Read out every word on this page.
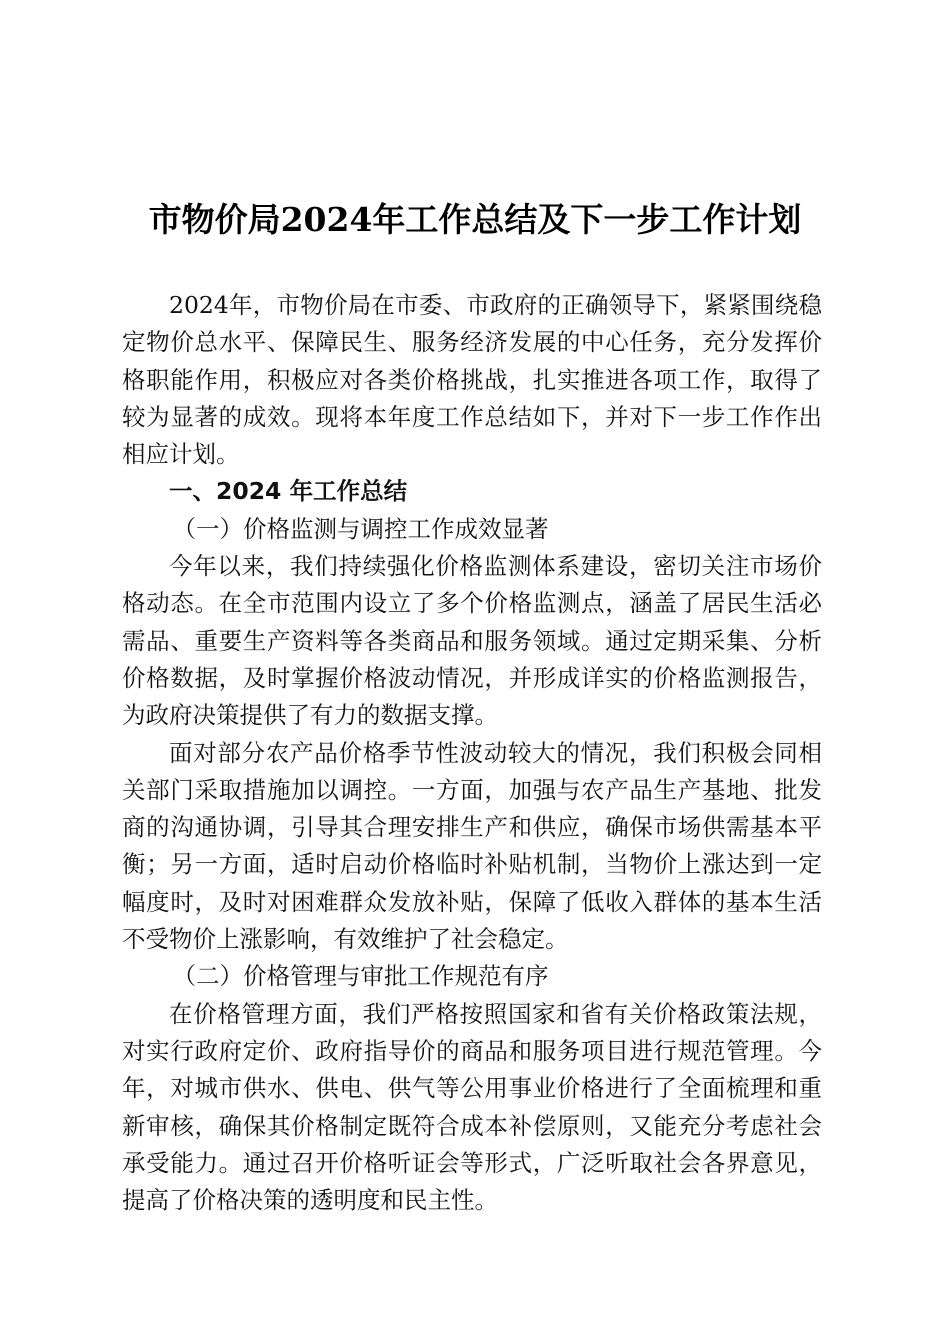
市物价局2024年工作总结及下一步工作计划

2024年，市物价局在市委、市政府的正确领导下，紧紧围绕稳定物价总水平、保障民生、服务经济发展的中心任务，充分发挥价格职能作用，积极应对各类价格挑战，扎实推进各项工作，取得了较为显著的成效。现将本年度工作总结如下，并对下一步工作作出相应计划。

一、2024 年工作总结

（一）价格监测与调控工作成效显著

今年以来，我们持续强化价格监测体系建设，密切关注市场价格动态。在全市范围内设立了多个价格监测点，涵盖了居民生活必需品、重要生产资料等各类商品和服务领域。通过定期采集、分析价格数据，及时掌握价格波动情况，并形成详实的价格监测报告，为政府决策提供了有力的数据支撑。

面对部分农产品价格季节性波动较大的情况，我们积极会同相关部门采取措施加以调控。一方面，加强与农产品生产基地、批发商的沟通协调，引导其合理安排生产和供应，确保市场供需基本平衡；另一方面，适时启动价格临时补贴机制，当物价上涨达到一定幅度时，及时对困难群众发放补贴，保障了低收入群体的基本生活不受物价上涨影响，有效维护了社会稳定。

（二）价格管理与审批工作规范有序

在价格管理方面，我们严格按照国家和省有关价格政策法规，对实行政府定价、政府指导价的商品和服务项目进行规范管理。今年，对城市供水、供电、供气等公用事业价格进行了全面梳理和重新审核，确保其价格制定既符合成本补偿原则，又能充分考虑社会承受能力。通过召开价格听证会等形式，广泛听取社会各界意见，提高了价格决策的透明度和民主性。
